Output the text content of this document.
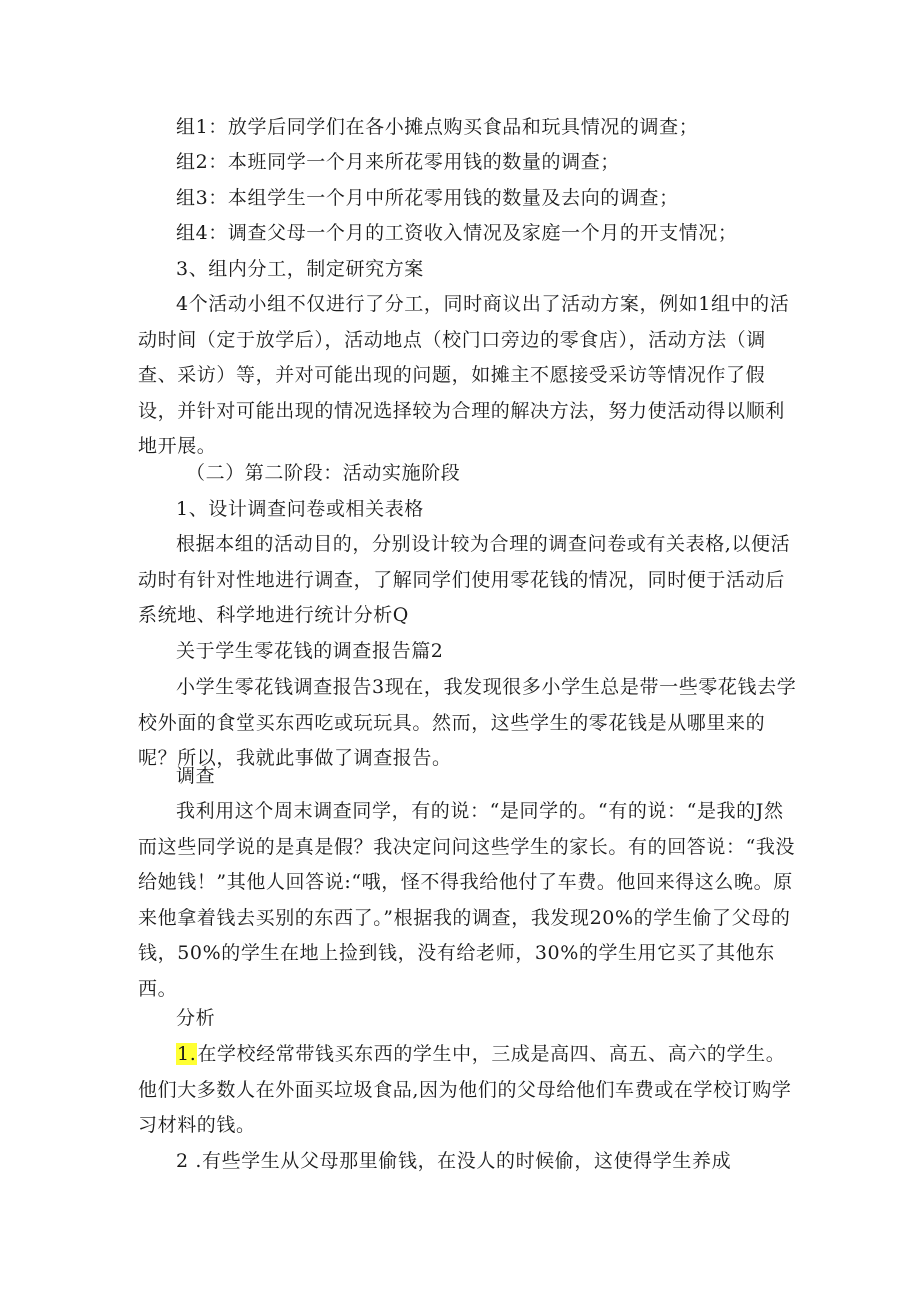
组1：放学后同学们在各小摊点购买食品和玩具情况的调查；

组2：本班同学一个月来所花零用钱的数量的调查；

组3：本组学生一个月中所花零用钱的数量及去向的调查；

组4：调查父母一个月的工资收入情况及家庭一个月的开支情况；

3、组内分工，制定研究方案

4个活动小组不仅进行了分工，同时商议出了活动方案，例如1组中的活动时间（定于放学后），活动地点（校门口旁边的零食店），活动方法（调查、采访）等，并对可能出现的问题，如摊主不愿接受采访等情况作了假设，并针对可能出现的情况选择较为合理的解决方法，努力使活动得以顺利地开展。

（二）第二阶段：活动实施阶段

1、设计调查问卷或相关表格

根据本组的活动目的，分别设计较为合理的调查问卷或有关表格,以便活动时有针对性地进行调查，了解同学们使用零花钱的情况，同时便于活动后系统地、科学地进行统计分析Q

关于学生零花钱的调查报告篇2

小学生零花钱调查报告3现在，我发现很多小学生总是带一些零花钱去学校外面的食堂买东西吃或玩玩具。然而，这些学生的零花钱是从哪里来的呢？所以，我就此事做了调查报告。

调查

我利用这个周末调查同学，有的说：“是同学的。“有的说：“是我的J然而这些同学说的是真是假？我决定问问这些学生的家长。有的回答说：“我没给她钱！”其他人回答说:“哦，怪不得我给他付了车费。他回来得这么晚。原来他拿着钱去买别的东西了。”根据我的调查，我发现20%的学生偷了父母的钱，50%的学生在地上捡到钱，没有给老师，30%的学生用它买了其他东西。

分析

1.在学校经常带钱买东西的学生中，三成是高四、高五、高六的学生。他们大多数人在外面买垃圾食品,因为他们的父母给他们车费或在学校订购学习材料的钱。

2 .有些学生从父母那里偷钱，在没人的时候偷，这使得学生养成
